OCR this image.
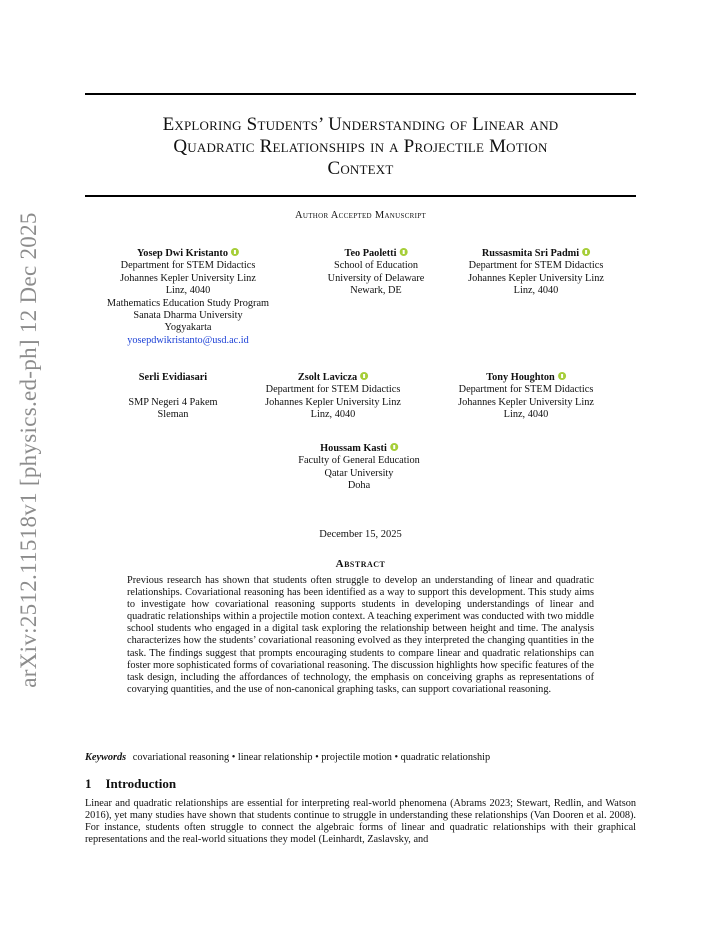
arXiv:2512.11518v1 [physics.ed-ph] 12 Dec 2025
Exploring Students’ Understanding of Linear and
Quadratic Relationships in a Projectile Motion
Context
Author Accepted Manuscript
Yosep Dwi Kristanto
Department for STEM Didactics
Johannes Kepler University Linz
Linz, 4040
Mathematics Education Study Program
Sanata Dharma University
Yogyakarta
yosepdwikristanto@usd.ac.id
Teo Paoletti
School of Education
University of Delaware
Newark, DE
Russasmita Sri Padmi
Department for STEM Didactics
Johannes Kepler University Linz
Linz, 4040
Serli Evidiasari

SMP Negeri 4 Pakem
Sleman
Zsolt Lavicza
Department for STEM Didactics
Johannes Kepler University Linz
Linz, 4040
Tony Houghton
Department for STEM Didactics
Johannes Kepler University Linz
Linz, 4040
Houssam Kasti
Faculty of General Education
Qatar University
Doha
December 15, 2025
Abstract
Previous research has shown that students often struggle to develop an understanding of linear and quadratic relationships. Covariational reasoning has been identified as a way to support this development. This study aims to investigate how covariational reasoning supports students in developing understandings of linear and quadratic relationships within a projectile motion context. A teaching experiment was conducted with two middle school students who engaged in a digital task exploring the relationship between height and time. The analysis characterizes how the students’ covariational reasoning evolved as they interpreted the changing quantities in the task. The findings suggest that prompts encouraging students to compare linear and quadratic relationships can foster more sophisticated forms of covariational reasoning. The discussion highlights how specific features of the task design, including the affordances of technology, the emphasis on conceiving graphs as representations of covarying quantities, and the use of non-canonical graphing tasks, can support covariational reasoning.
Keywords covariational reasoning • linear relationship • projectile motion • quadratic relationship
1 Introduction
Linear and quadratic relationships are essential for interpreting real-world phenomena (Abrams 2023; Stewart, Redlin, and Watson 2016), yet many studies have shown that students continue to struggle in understanding these relationships (Van Dooren et al. 2008). For instance, students often struggle to connect the algebraic forms of linear and quadratic relationships with their graphical representations and the real-world situations they model (Leinhardt, Zaslavsky, and
